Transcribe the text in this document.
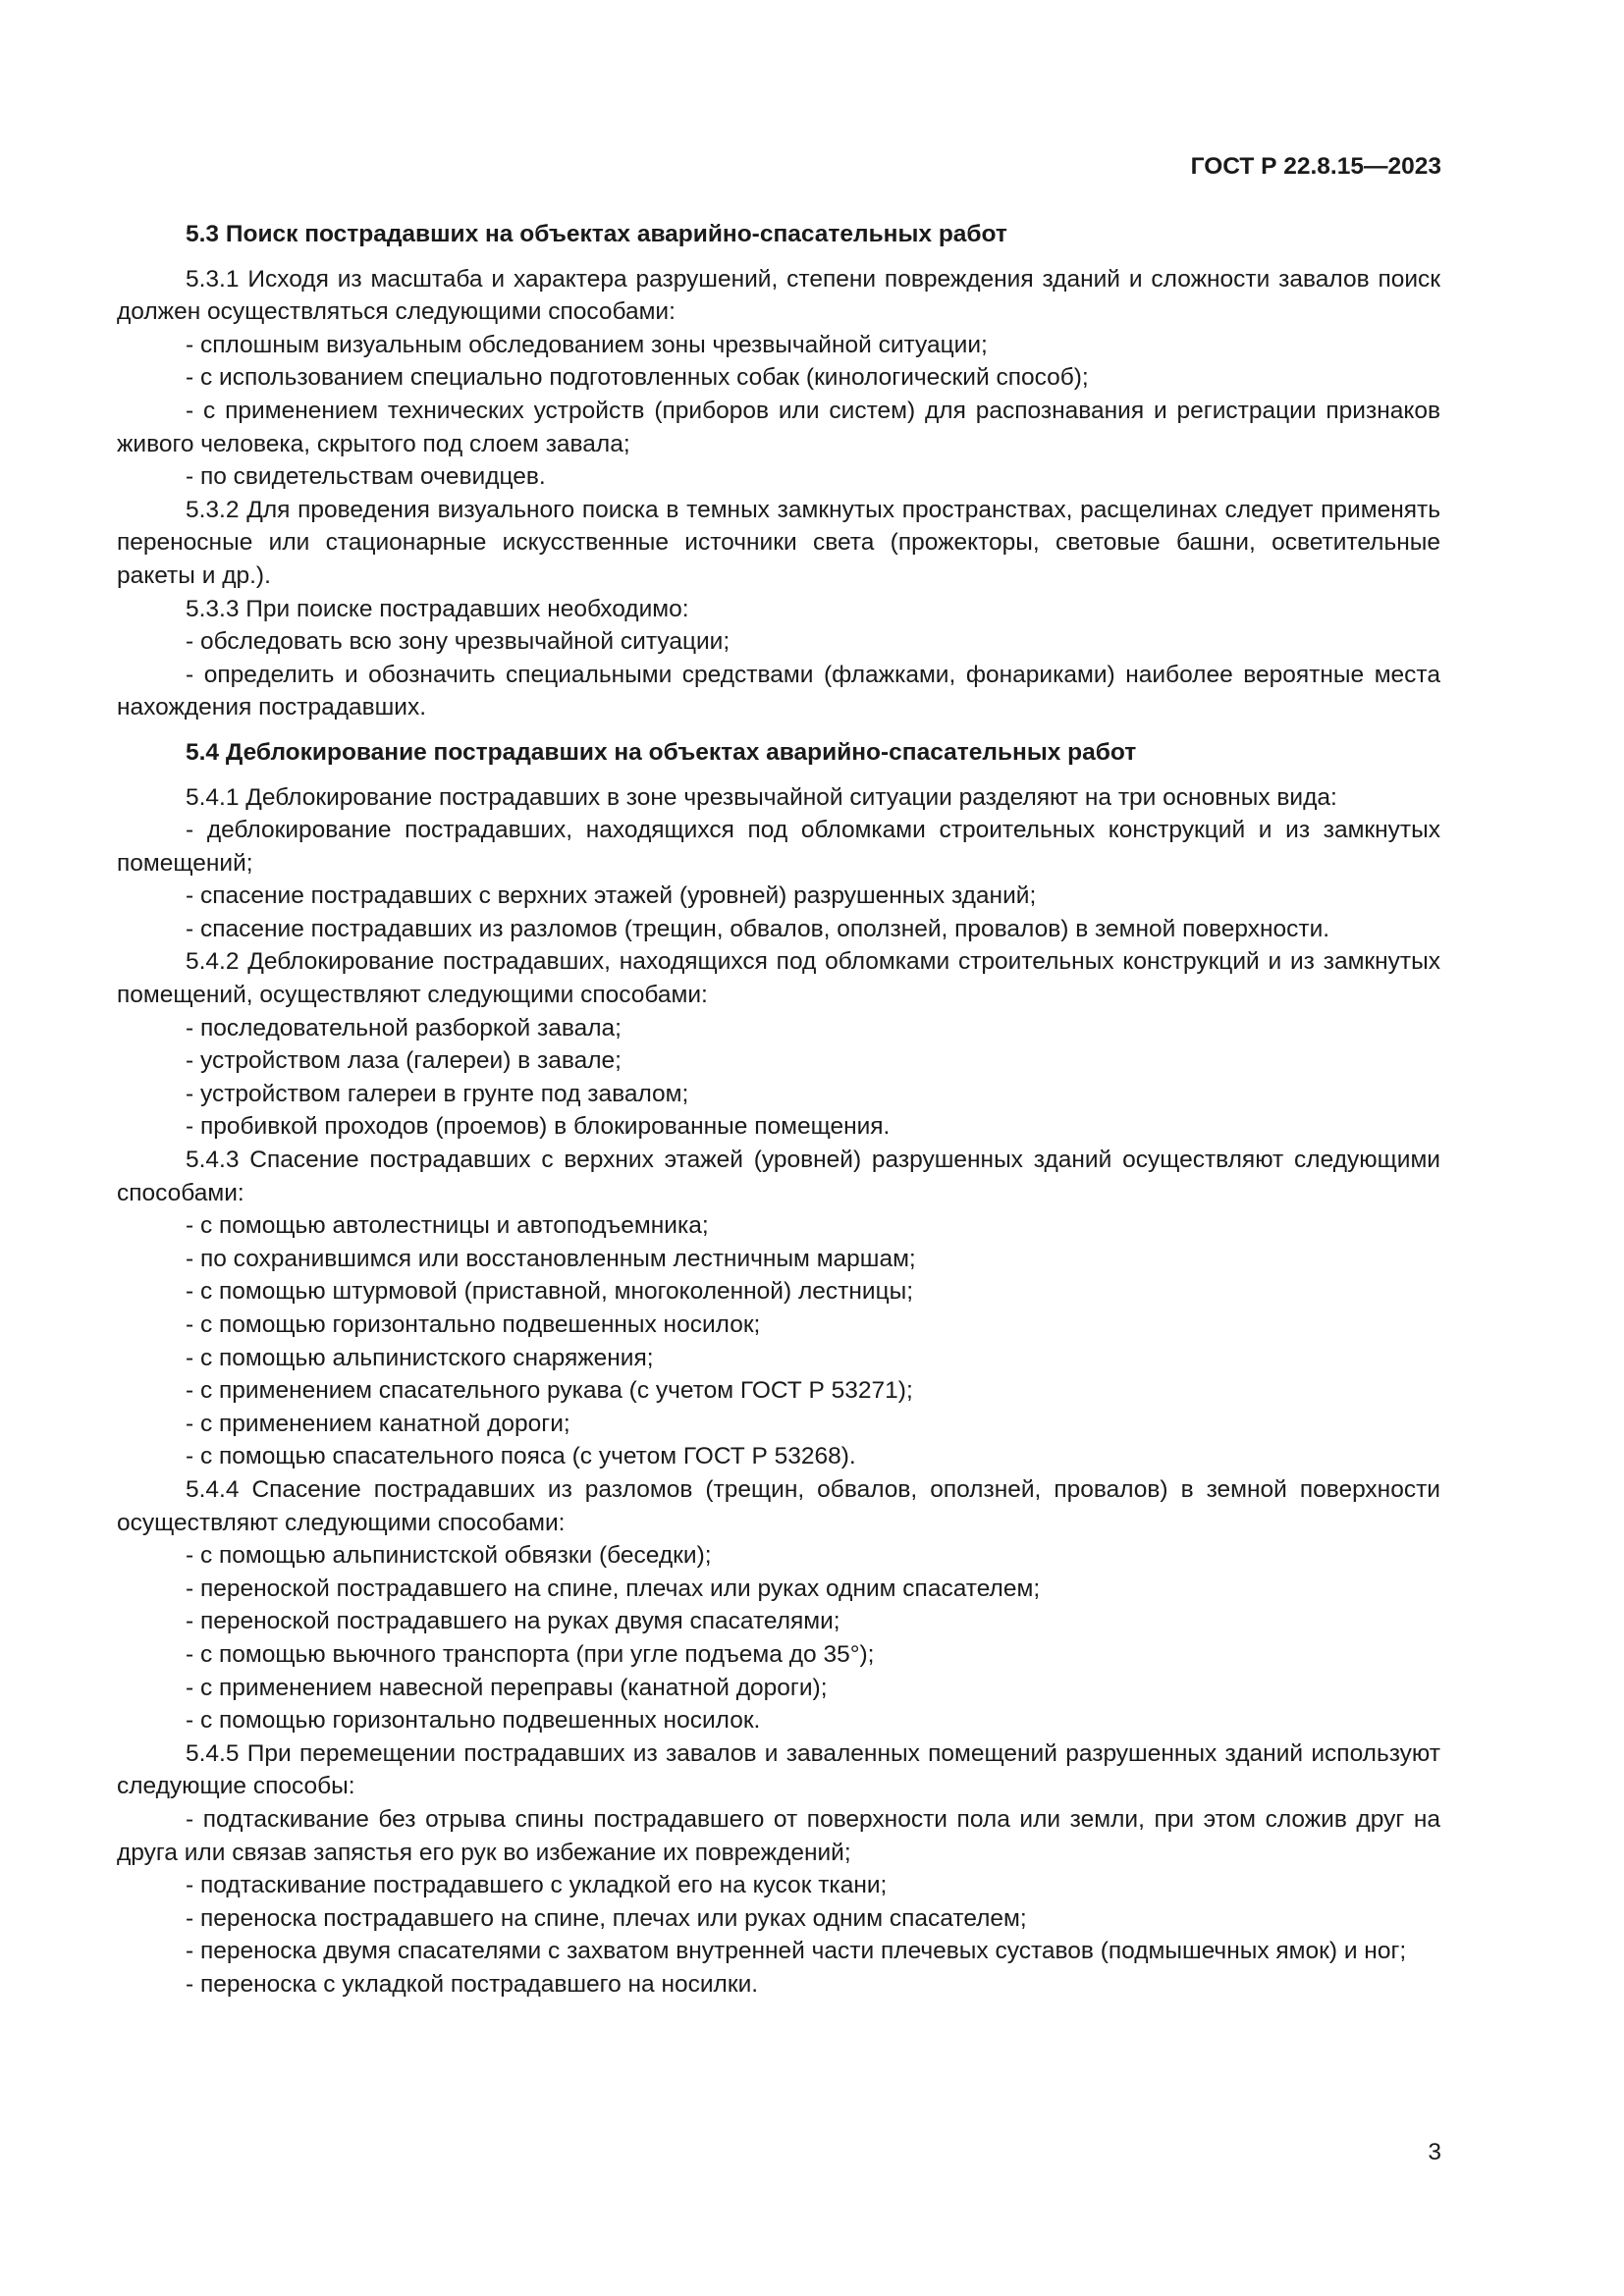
ГОСТ Р 22.8.15—2023

5.3 Поиск пострадавших на объектах аварийно-спасательных работ

5.3.1 Исходя из масштаба и характера разрушений, степени повреждения зданий и сложности завалов поиск должен осуществляться следующими способами:

- сплошным визуальным обследованием зоны чрезвычайной ситуации;

- с использованием специально подготовленных собак (кинологический способ);

- с применением технических устройств (приборов или систем) для распознавания и регистрации признаков живого человека, скрытого под слоем завала;

- по свидетельствам очевидцев.

5.3.2 Для проведения визуального поиска в темных замкнутых пространствах, расщелинах следует применять переносные или стационарные искусственные источники света (прожекторы, световые башни, осветительные ракеты и др.).

5.3.3 При поиске пострадавших необходимо:

- обследовать всю зону чрезвычайной ситуации;

- определить и обозначить специальными средствами (флажками, фонариками) наиболее вероятные места нахождения пострадавших.

5.4 Деблокирование пострадавших на объектах аварийно-спасательных работ

5.4.1 Деблокирование пострадавших в зоне чрезвычайной ситуации разделяют на три основных вида:

- деблокирование пострадавших, находящихся под обломками строительных конструкций и из замкнутых помещений;

- спасение пострадавших с верхних этажей (уровней) разрушенных зданий;

- спасение пострадавших из разломов (трещин, обвалов, оползней, провалов) в земной поверхности.

5.4.2 Деблокирование пострадавших, находящихся под обломками строительных конструкций и из замкнутых помещений, осуществляют следующими способами:

- последовательной разборкой завала;

- устройством лаза (галереи) в завале;

- устройством галереи в грунте под завалом;

- пробивкой проходов (проемов) в блокированные помещения.

5.4.3 Спасение пострадавших с верхних этажей (уровней) разрушенных зданий осуществляют следующими способами:

- с помощью автолестницы и автоподъемника;

- по сохранившимся или восстановленным лестничным маршам;

- с помощью штурмовой (приставной, многоколенной) лестницы;

- с помощью горизонтально подвешенных носилок;

- с помощью альпинистского снаряжения;

- с применением спасательного рукава (с учетом ГОСТ Р 53271);

- с применением канатной дороги;

- с помощью спасательного пояса (с учетом ГОСТ Р 53268).

5.4.4 Спасение пострадавших из разломов (трещин, обвалов, оползней, провалов) в земной поверхности осуществляют следующими способами:

- с помощью альпинистской обвязки (беседки);

- переноской пострадавшего на спине, плечах или руках одним спасателем;

- переноской пострадавшего на руках двумя спасателями;

- с помощью вьючного транспорта (при угле подъема до 35°);

- с применением навесной переправы (канатной дороги);

- с помощью горизонтально подвешенных носилок.

5.4.5 При перемещении пострадавших из завалов и заваленных помещений разрушенных зданий используют следующие способы:

- подтаскивание без отрыва спины пострадавшего от поверхности пола или земли, при этом сложив друг на друга или связав запястья его рук во избежание их повреждений;

- подтаскивание пострадавшего с укладкой его на кусок ткани;

- переноска пострадавшего на спине, плечах или руках одним спасателем;

- переноска двумя спасателями с захватом внутренней части плечевых суставов (подмышечных ямок) и ног;

- переноска с укладкой пострадавшего на носилки.

3
